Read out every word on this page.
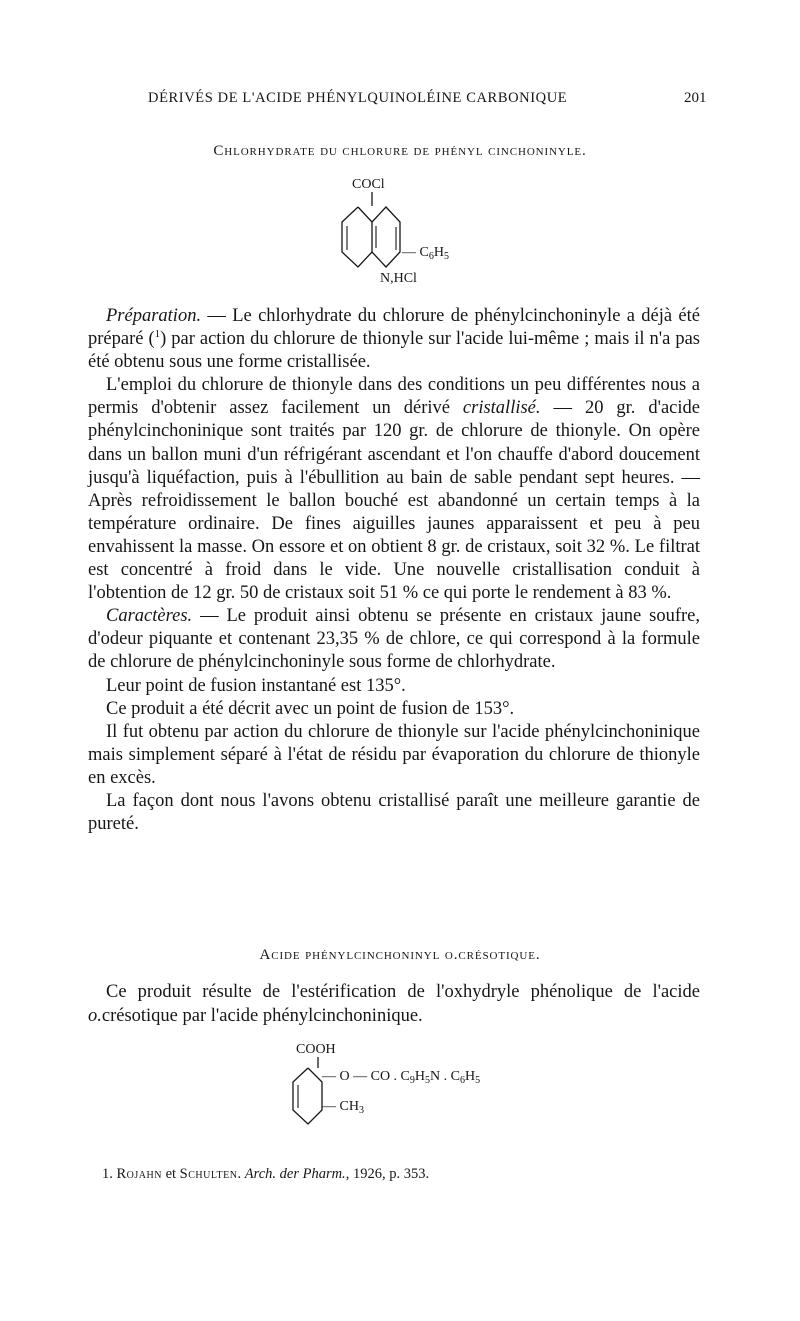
DÉRIVÉS DE L'ACIDE PHÉNYLQUINOLÉINE CARBONIQUE	201
Chlorhydrate du chlorure de phényl cinchoninyle.
COCl
— $C_6H_5$
N,HCl

Préparation. — Le chlorhydrate du chlorure de phénylcinchoninyle a déjà été préparé ($^1$) par action du chlorure de thionyle sur l'acide lui-même ; mais il n'a pas été obtenu sous une forme cristallisée.

L'emploi du chlorure de thionyle dans des conditions un peu différentes nous a permis d'obtenir assez facilement un dérivé cristallisé. — 20 gr. d'acide phénylcinchoninique sont traités par 120 gr. de chlorure de thionyle. On opère dans un ballon muni d'un réfrigérant ascendant et l'on chauffe d'abord doucement jusqu'à liquéfaction, puis à l'ébullition au bain de sable pendant sept heures. — Après refroidissement le ballon bouché est abandonné un certain temps à la température ordinaire. De fines aiguilles jaunes apparaissent et peu à peu envahissent la masse. On essore et on obtient 8 gr. de cristaux, soit 32 %. Le filtrat est concentré à froid dans le vide. Une nouvelle cristallisation conduit à l'obtention de 12 gr. 50 de cristaux soit 51 % ce qui porte le rendement à 83 %.

Caractères. — Le produit ainsi obtenu se présente en cristaux jaune soufre, d'odeur piquante et contenant 23,35 % de chlore, ce qui correspond à la formule de chlorure de phénylcinchoninyle sous forme de chlorhydrate.

Leur point de fusion instantané est 135°.

Ce produit a été décrit avec un point de fusion de 153°.

Il fut obtenu par action du chlorure de thionyle sur l'acide phénylcinchoninique mais simplement séparé à l'état de résidu par évaporation du chlorure de thionyle en excès.

La façon dont nous l'avons obtenu cristallisé paraît une meilleure garantie de pureté.

Acide phénylcinchoninyl o.crésotique.

Ce produit résulte de l'estérification de l'oxhydryle phénolique de l'acide o.crésotique par l'acide phénylcinchoninique.

COOH
— O — CO . $C_9H_5N$ . $C_6H_5$
— $CH_3$
1. Rojahn et Schulten. Arch. der Pharm., 1926, p. 353.
